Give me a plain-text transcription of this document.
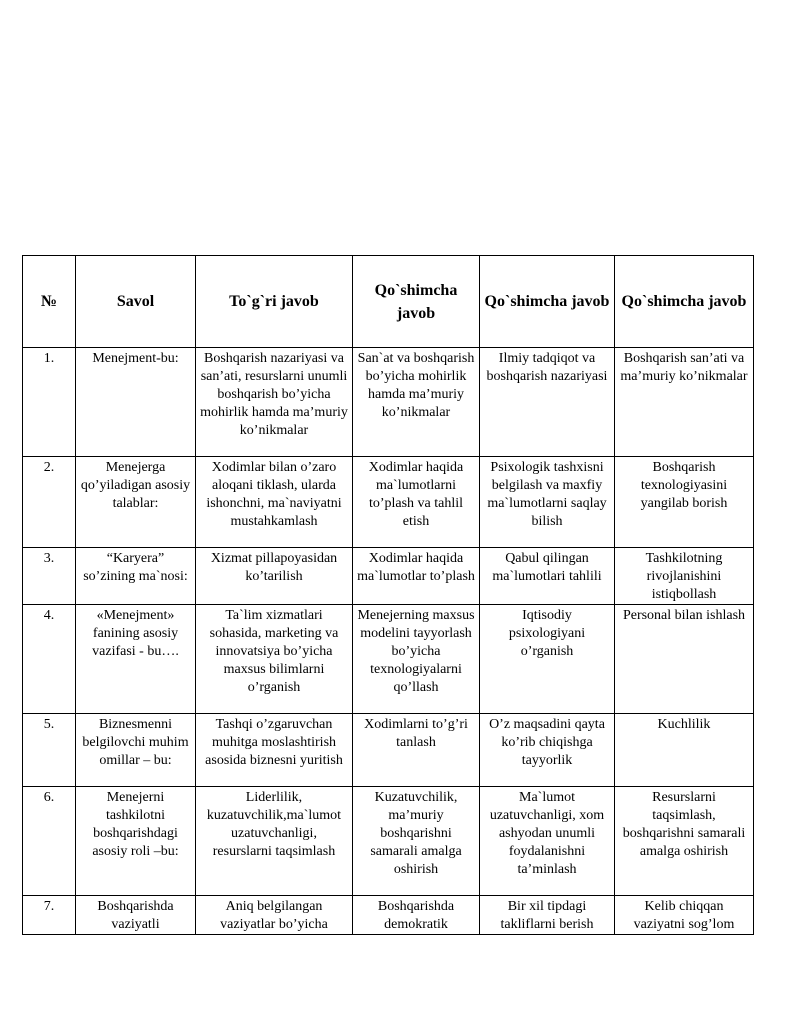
№	Savol	To`g`ri javob	Qo`shimcha javob	Qo`shimcha javob	Qo`shimcha javob
1.	Menejment-bu:	Boshqarish nazariyasi va san’ati, resurslarni unumli boshqarish bo’yicha mohirlik hamda ma’muriy ko’nikmalar	San`at va boshqarish bo’yicha mohirlik hamda ma’muriy ko’nikmalar	Ilmiy tadqiqot va boshqarish nazariyasi	Boshqarish san’ati va ma’muriy ko’nikmalar
2.	Menejerga qo’yiladigan asosiy talablar:	Xodimlar bilan o’zaro aloqani tiklash, ularda ishonchni, ma`naviyatni mustahkamlash	Xodimlar haqida ma`lumotlarni to’plash va tahlil etish	Psixologik tashxisni belgilash va maxfiy ma`lumotlarni saqlay bilish	Boshqarish texnologiyasini yangilab borish
3.	“Karyera” so’zining ma`nosi:	Xizmat pillapoyasidan ko’tarilish	Xodimlar haqida ma`lumotlar to’plash	Qabul qilingan ma`lumotlari tahlili	Tashkilotning rivojlanishini istiqbollash
4.	«Menejment» fanining asosiy vazifasi - bu….	Ta`lim xizmatlari sohasida, marketing va innovatsiya bo’yicha maxsus bilimlarni o’rganish	Menejerning maxsus modelini tayyorlash bo’yicha texnologiyalarni qo’llash	Iqtisodiy psixologiyani o’rganish	Personal bilan ishlash
5.	Biznesmenni belgilovchi muhim omillar – bu:	Tashqi o’zgaruvchan muhitga moslashtirish asosida biznesni yuritish	Xodimlarni to’g’ri tanlash	O’z maqsadini qayta ko’rib chiqishga tayyorlik	Kuchlilik
6.	Menejerni tashkilotni boshqarishdagi asosiy roli –bu:	Liderlilik, kuzatuvchilik,ma`lumot uzatuvchanligi, resurslarni taqsimlash	Kuzatuvchilik, ma’muriy boshqarishni samarali amalga oshirish	Ma`lumot uzatuvchanligi, xom ashyodan unumli foydalanishni ta’minlash	Resurslarni taqsimlash, boshqarishni samarali amalga oshirish
7.	Boshqarishda vaziyatli	Aniq belgilangan vaziyatlar bo’yicha	Boshqarishda demokratik	Bir xil tipdagi takliflarni berish	Kelib chiqqan vaziyatni sog’lom
